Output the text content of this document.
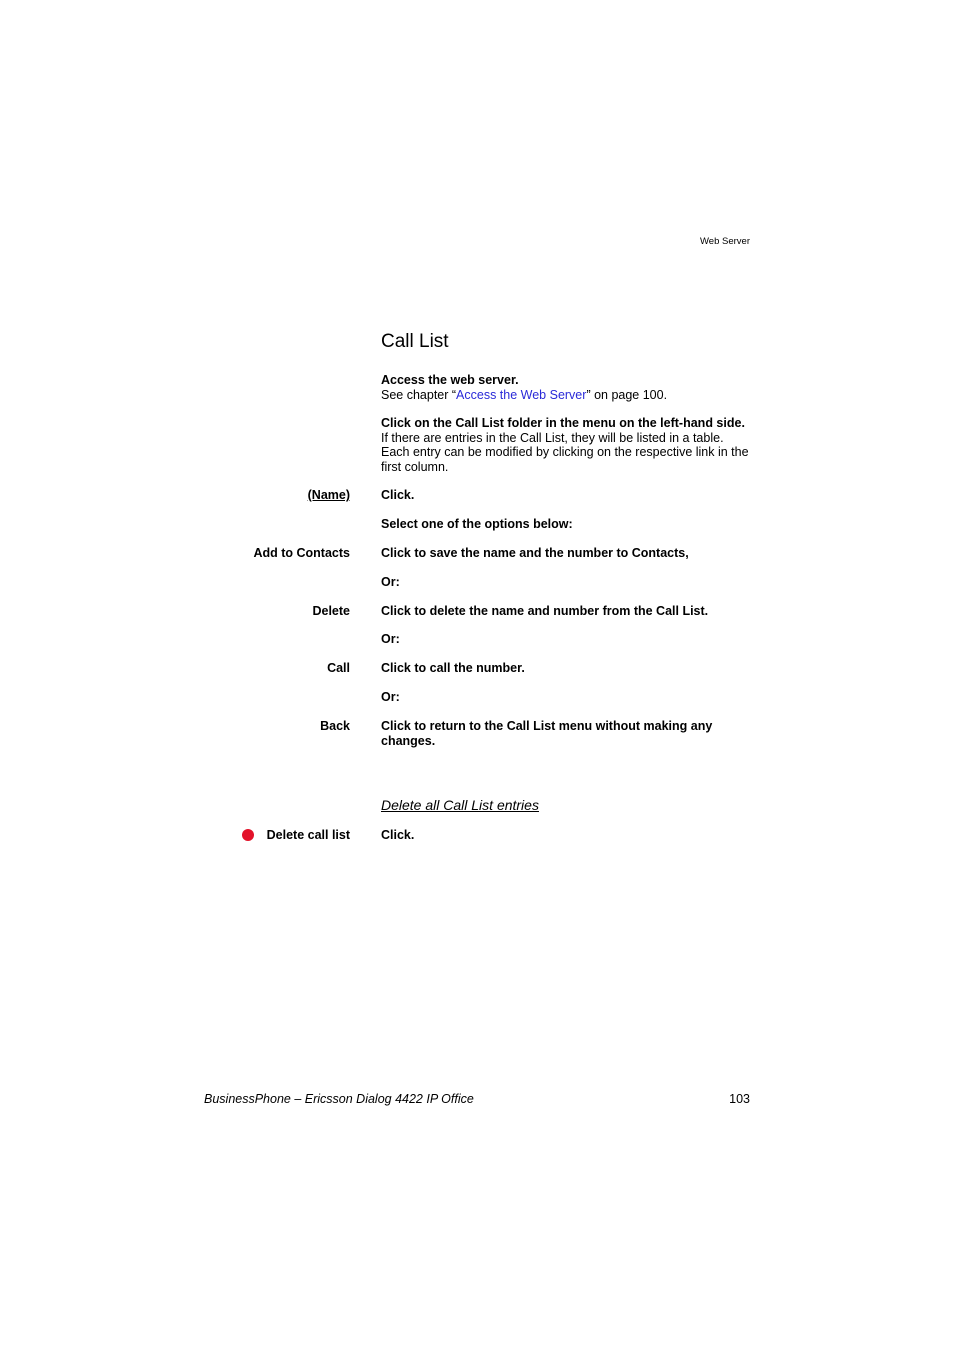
Web Server
Call List
Access the web server.
See chapter “Access the Web Server” on page 100.
Click on the Call List folder in the menu on the left-hand side.
If there are entries in the Call List, they will be listed in a table. Each entry can be modified by clicking on the respective link in the first column.
(Name) Click.
Select one of the options below:
Add to Contacts Click to save the name and the number to Contacts,
Or:
Delete Click to delete the name and number from the Call List.
Or:
Call Click to call the number.
Or:
Back Click to return to the Call List menu without making any changes.
Delete all Call List entries
Delete call list Click.
BusinessPhone – Ericsson Dialog 4422 IP Office	103
